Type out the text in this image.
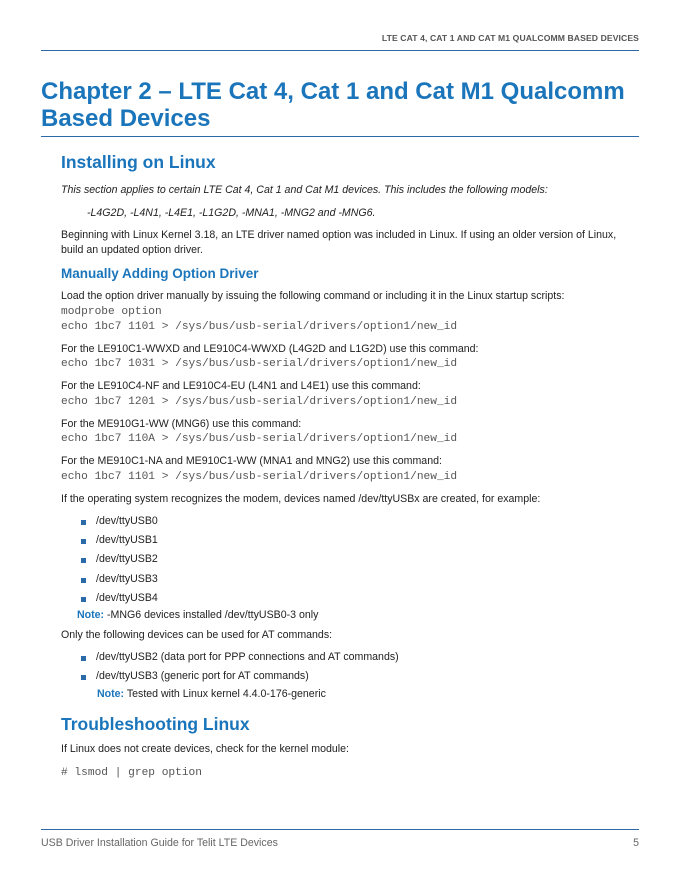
LTE CAT 4, CAT 1 AND CAT M1 QUALCOMM BASED DEVICES
Chapter 2 – LTE Cat 4, Cat 1 and Cat M1 Qualcomm Based Devices
Installing on Linux

This section applies to certain LTE Cat 4, Cat 1 and Cat M1 devices. This includes the following models:

-L4G2D, -L4N1, -L4E1, -L1G2D, -MNA1, -MNG2 and -MNG6.

Beginning with Linux Kernel 3.18, an LTE driver named option was included in Linux. If using an older version of Linux, build an updated option driver.

Manually Adding Option Driver

Load the option driver manually by issuing the following command or including it in the Linux startup scripts:

modprobe option
echo 1bc7 1101 > /sys/bus/usb-serial/drivers/option1/new_id

For the LE910C1-WWXD and LE910C4-WWXD (L4G2D and L1G2D) use this command:

echo 1bc7 1031 > /sys/bus/usb-serial/drivers/option1/new_id

For the LE910C4-NF and LE910C4-EU (L4N1 and L4E1) use this command:

echo 1bc7 1201 > /sys/bus/usb-serial/drivers/option1/new_id

For the ME910G1-WW (MNG6) use this command:

echo 1bc7 110A > /sys/bus/usb-serial/drivers/option1/new_id

For the ME910C1-NA and ME910C1-WW (MNA1 and MNG2) use this command:

echo 1bc7 1101 > /sys/bus/usb-serial/drivers/option1/new_id

If the operating system recognizes the modem, devices named /dev/ttyUSBx are created, for example:

/dev/ttyUSB0
/dev/ttyUSB1
/dev/ttyUSB2
/dev/ttyUSB3
/dev/ttyUSB4
Note: -MNG6 devices installed /dev/ttyUSB0-3 only

Only the following devices can be used for AT commands:

/dev/ttyUSB2 (data port for PPP connections and AT commands)
/dev/ttyUSB3 (generic port for AT commands)
Note: Tested with Linux kernel 4.4.0-176-generic
Troubleshooting Linux

If Linux does not create devices, check for the kernel module:

# lsmod | grep option
USB Driver Installation Guide for Telit LTE Devices	5
